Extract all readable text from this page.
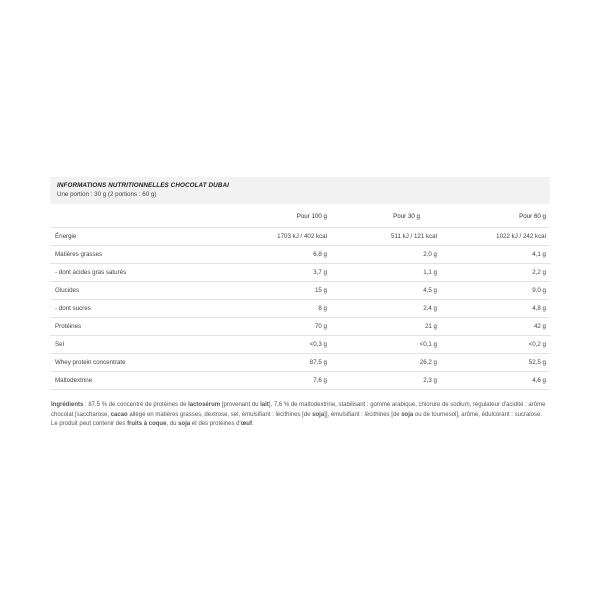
INFORMATIONS NUTRITIONNELLES CHOCOLAT DUBAI
Une portion : 30 g (2 portions : 60 g)
	Pour 100 g	Pour 30 g	Pour 60 g
Énergie	1703 kJ / 402 kcal	511 kJ / 121 kcal	1022 kJ / 242 kcal
Matières grasses	6,8 g	2,0 g	4,1 g
- dont acides gras saturés	3,7 g	1,1 g	2,2 g
Glucides	15 g	4,5 g	9,0 g
- dont sucres	8 g	2,4 g	4,8 g
Protéines	70 g	21 g	42 g
Sel	<0,3 g	<0,1 g	<0,2 g
Whey protein concentrate	87,5 g	26,2 g	52,5 g
Maltodextrine	7,6 g	2,3 g	4,6 g

Ingrédients : 87,5 % de concentré de protéines de lactosérum [provenant du lait], 7,6 % de maltodextrine, stabilisant : gomme arabique, chlorure de sodium, régulateur d'acidité : arôme chocolat [saccharose, cacao allégé en matières grasses, dextrose, sel, émulsifiant : lécithines [de soja]], émulsifiant : lécithines [de soja ou de tournesol], arôme, édulcorant : sucralose. Le produit peut contenir des fruits à coque, du soja et des protéines d'œuf.
